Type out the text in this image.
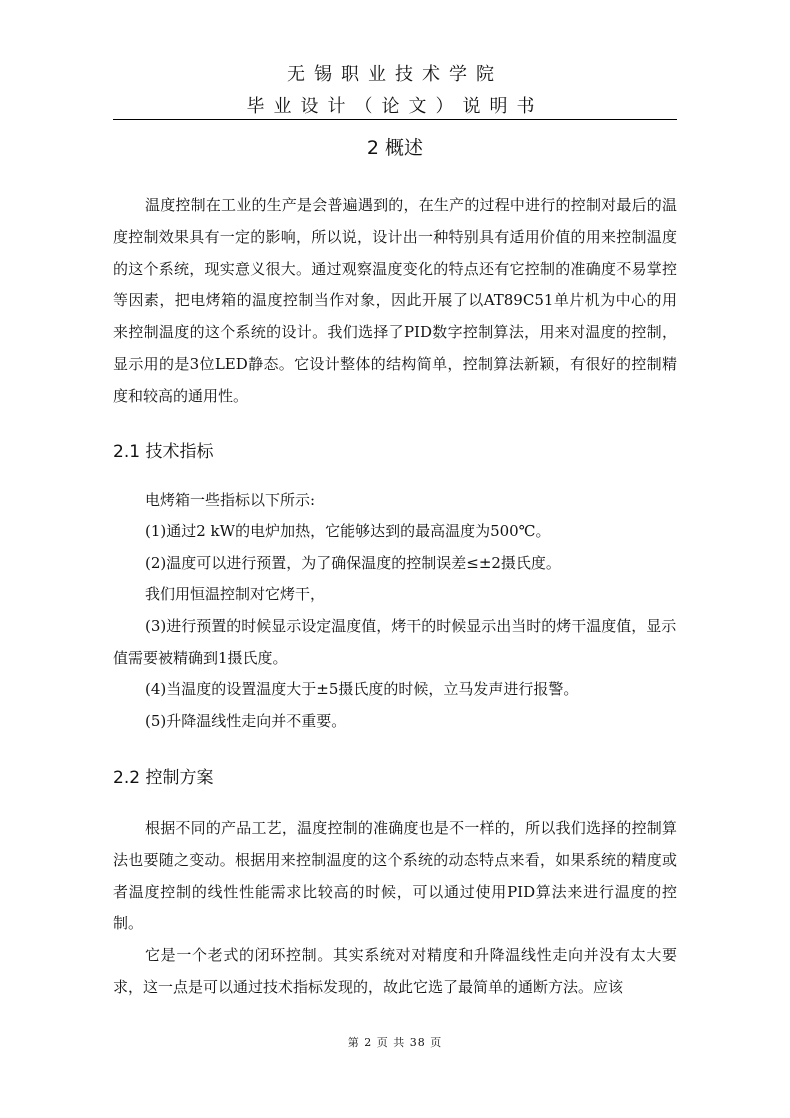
无锡职业技术学院
毕业设计（论文）说明书
2 概述

温度控制在工业的生产是会普遍遇到的，在生产的过程中进行的控制对最后的温度控制效果具有一定的影响，所以说，设计出一种特别具有适用价值的用来控制温度的这个系统，现实意义很大。通过观察温度变化的特点还有它控制的准确度不易掌控等因素，把电烤箱的温度控制当作对象，因此开展了以AT89C51单片机为中心的用来控制温度的这个系统的设计。我们选择了PID数字控制算法，用来对温度的控制，显示用的是3位LED静态。它设计整体的结构简单，控制算法新颖，有很好的控制精度和较高的通用性。

2.1 技术指标

电烤箱一些指标以下所示:

(1)通过2 kW的电炉加热，它能够达到的最高温度为500℃。

(2)温度可以进行预置，为了确保温度的控制误差≤±2摄氏度。

我们用恒温控制对它烤干，

(3)进行预置的时候显示设定温度值，烤干的时候显示出当时的烤干温度值，显示值需要被精确到1摄氏度。

(4)当温度的设置温度大于±5摄氏度的时候，立马发声进行报警。

(5)升降温线性走向并不重要。

2.2 控制方案

根据不同的产品工艺，温度控制的准确度也是不一样的，所以我们选择的控制算法也要随之变动。根据用来控制温度的这个系统的动态特点来看，如果系统的精度或者温度控制的线性性能需求比较高的时候，可以通过使用PID算法来进行温度的控制。

它是一个老式的闭环控制。其实系统对对精度和升降温线性走向并没有太大要求，这一点是可以通过技术指标发现的，故此它选了最简单的通断方法。应该

第 2 页 共 38 页
